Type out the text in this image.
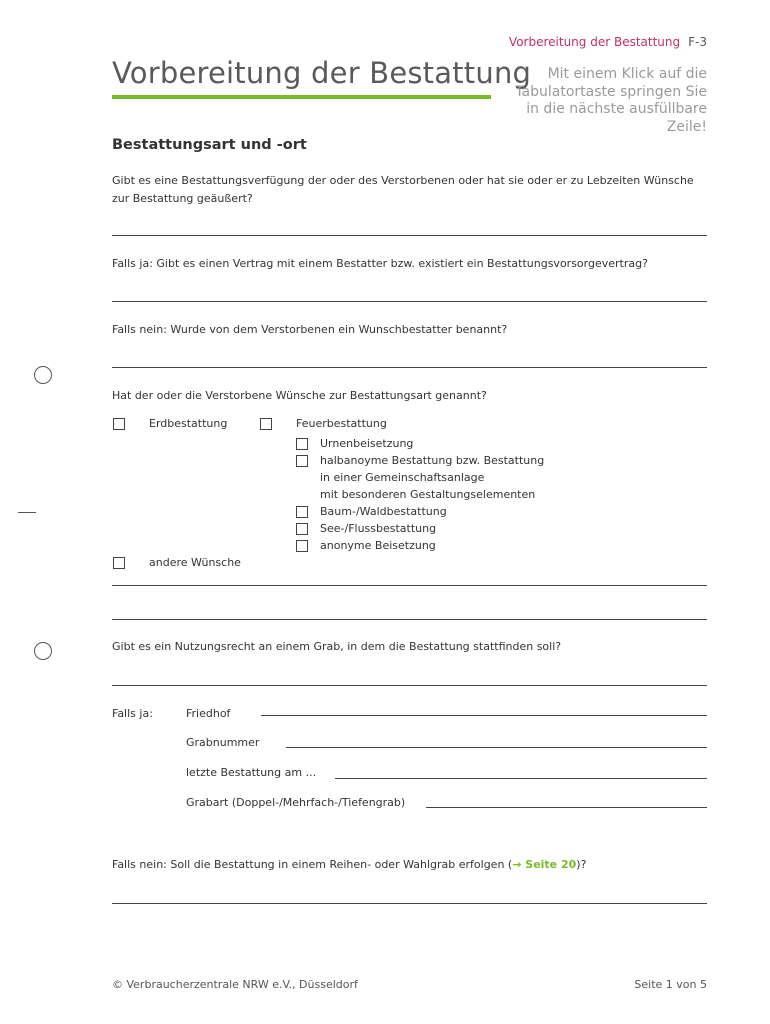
Vorbereitung der Bestattung F-3
Vorbereitung der Bestattung	Mit einem Klick auf die Tabulatortaste springen Sie in die nächste ausfüllbare Zeile!
Bestattungsart und -ort
Gibt es eine Bestattungsverfügung der oder des Verstorbenen oder hat sie oder er zu Lebzeiten Wünsche zur Bestattung geäußert?
Falls ja: Gibt es einen Vertrag mit einem Bestatter bzw. existiert ein Bestattungsvorsorgevertrag?
Falls nein: Wurde von dem Verstorbenen ein Wunschbestatter benannt?
Hat der oder die Verstorbene Wünsche zur Bestattungsart genannt?
Erdbestattung	Feuerbestattung
Urnenbeisetzung
halbanoyme Bestattung bzw. Bestattung
in einer Gemeinschaftsanlage
mit besonderen Gestaltungselementen
Baum-/Waldbestattung
See-/Flussbestattung
anonyme Beisetzung
andere Wünsche
Gibt es ein Nutzungsrecht an einem Grab, in dem die Bestattung stattfinden soll?
Falls ja:	Friedhof
Grabnummer
letzte Bestattung am ...
Grabart (Doppel-/Mehrfach-/Tiefengrab)
Falls nein: Soll die Bestattung in einem Reihen- oder Wahlgrab erfolgen (→ Seite 20)?
© Verbraucherzentrale NRW e.V., Düsseldorf	Seite 1 von 5
